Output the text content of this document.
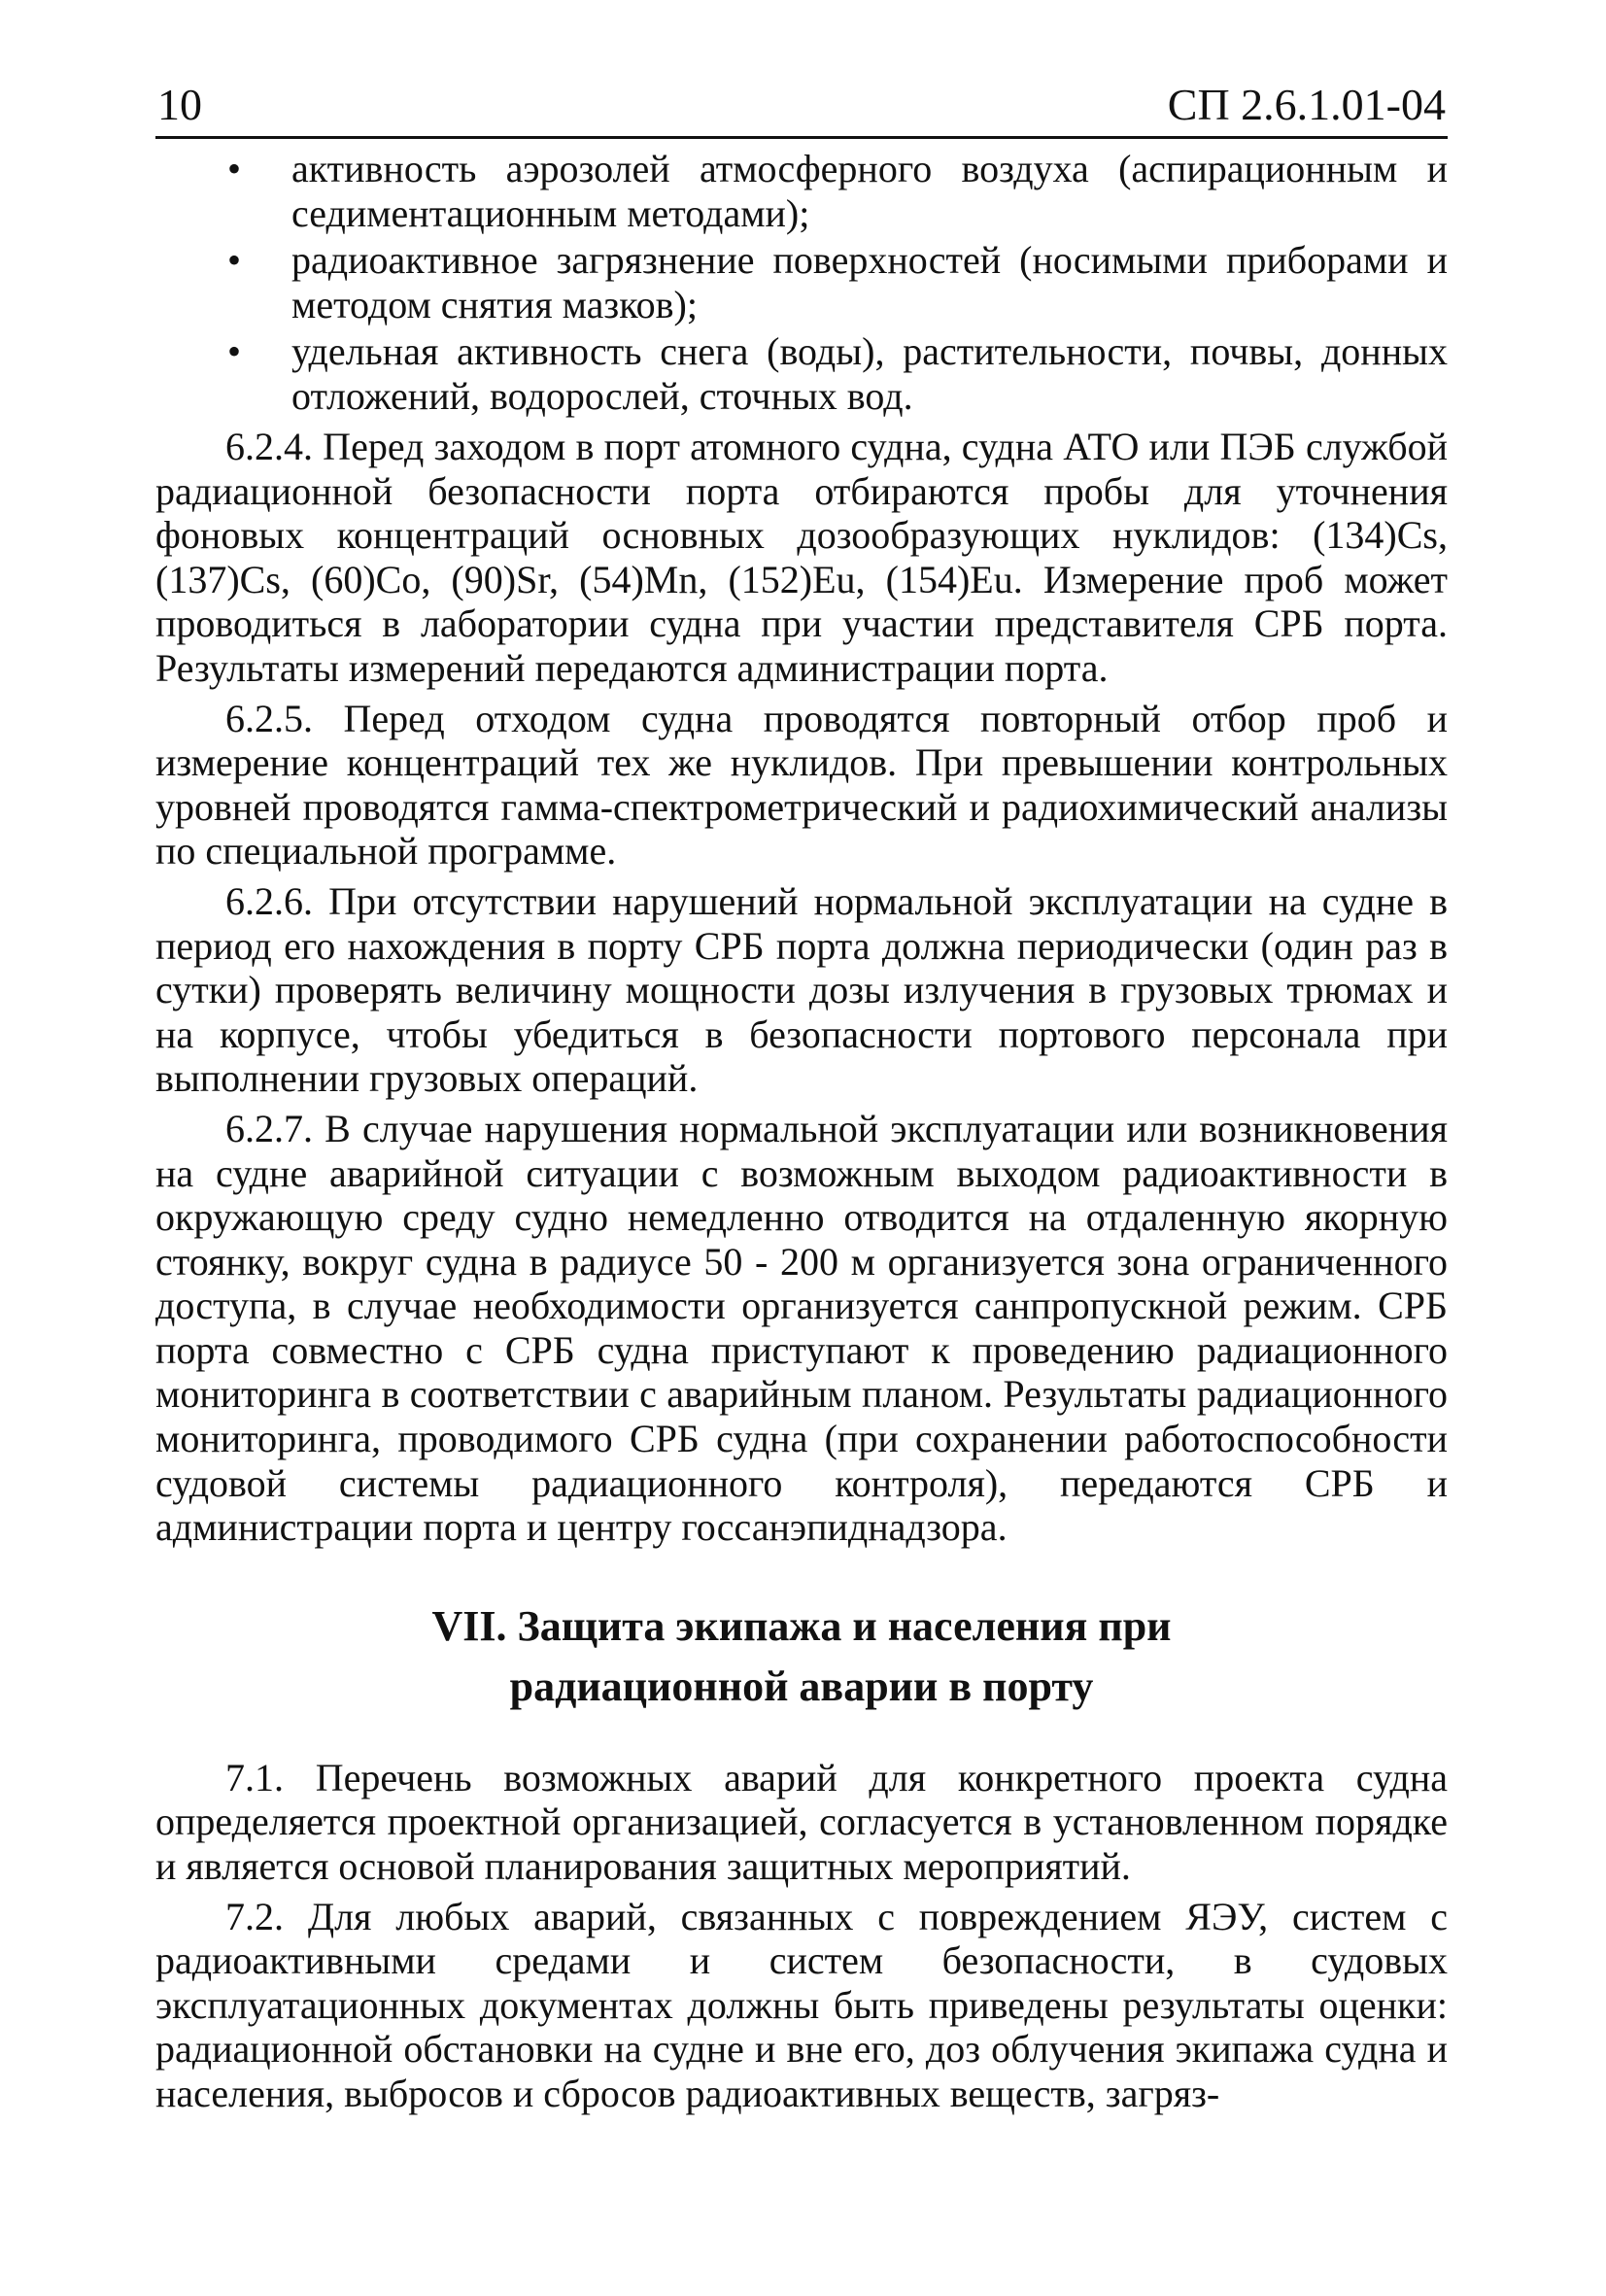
10	СП 2.6.1.01-04
• активность аэрозолей атмосферного воздуха (аспирационным и седиментационным методами);
• радиоактивное загрязнение поверхностей (носимыми приборами и методом снятия мазков);
• удельная активность снега (воды), растительности, почвы, донных отложений, водорослей, сточных вод.

6.2.4. Перед заходом в порт атомного судна, судна АТО или ПЭБ службой радиационной безопасности порта отбираются пробы для уточнения фоновых концентраций основных дозообразующих нуклидов: (134)Cs, (137)Cs, (60)Co, (90)Sr, (54)Mn, (152)Eu, (154)Eu. Измерение проб может проводиться в лаборатории судна при участии представителя СРБ порта. Результаты измерений передаются администрации порта.

6.2.5. Перед отходом судна проводятся повторный отбор проб и измерение концентраций тех же нуклидов. При превышении контрольных уровней проводятся гамма-спектрометрический и радиохимический анализы по специальной программе.

6.2.6. При отсутствии нарушений нормальной эксплуатации на судне в период его нахождения в порту СРБ порта должна периодически (один раз в сутки) проверять величину мощности дозы излучения в грузовых трюмах и на корпусе, чтобы убедиться в безопасности портового персонала при выполнении грузовых операций.

6.2.7. В случае нарушения нормальной эксплуатации или возникновения на судне аварийной ситуации с возможным выходом радиоактивности в окружающую среду судно немедленно отводится на отдаленную якорную стоянку, вокруг судна в радиусе 50 - 200 м организуется зона ограниченного доступа, в случае необходимости организуется санпропускной режим. СРБ порта совместно с СРБ судна приступают к проведению радиационного мониторинга в соответствии с аварийным планом. Результаты радиационного мониторинга, проводимого СРБ судна (при сохранении работоспособности судовой системы радиационного контроля), передаются СРБ и администрации порта и центру госсанэпиднадзора.

VII. Защита экипажа и населения при
радиационной аварии в порту

7.1. Перечень возможных аварий для конкретного проекта судна определяется проектной организацией, согласуется в установленном порядке и является основой планирования защитных мероприятий.

7.2. Для любых аварий, связанных с повреждением ЯЭУ, систем с радиоактивными средами и систем безопасности, в судовых эксплуатационных документах должны быть приведены результаты оценки: радиационной обстановки на судне и вне его, доз облучения экипажа судна и населения, выбросов и сбросов радиоактивных веществ, загряз-
